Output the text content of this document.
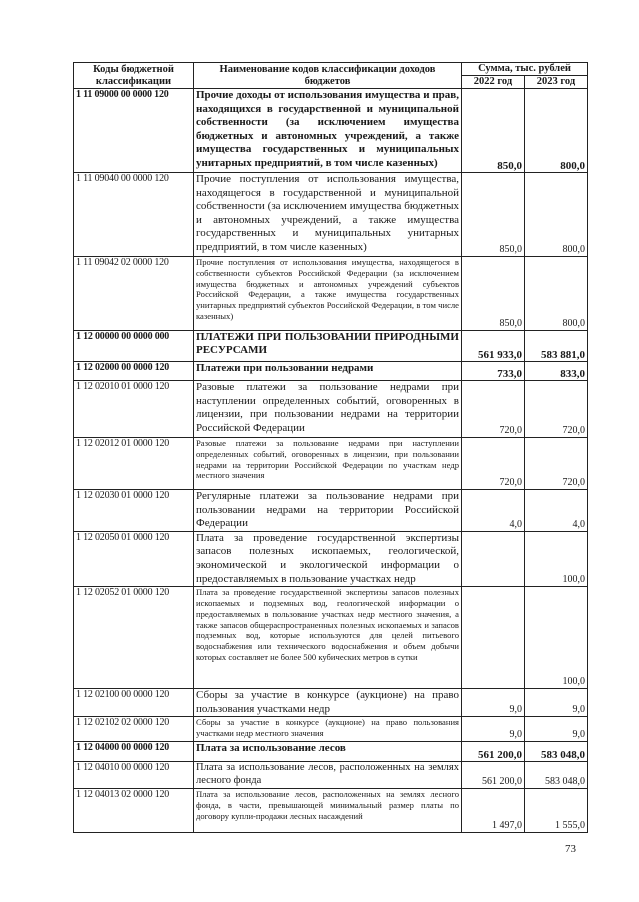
Коды бюджетной классификации	Наименование кодов классификации доходов бюджетов	Сумма, тыс. рублей	
		2022 год	2023 год
1 11 09000 00 0000 120	Прочие доходы от использования имущества и прав, находящихся в государственной и муниципальной собственности (за исключением имущества бюджетных и автономных учреждений, а также имущества государственных и муниципальных унитарных предприятий, в том числе казенных)	850,0	800,0
1 11 09040 00 0000 120	Прочие поступления от использования имущества, находящегося в государственной и муниципальной собственности (за исключением имущества бюджетных и автономных учреждений, а также имущества государственных и муниципальных унитарных предприятий, в том числе казенных)	850,0	800,0
1 11 09042 02 0000 120	Прочие поступления от использования имущества, находящегося в собственности субъектов Российской Федерации (за исключением имущества бюджетных и автономных учреждений субъектов Российской Федерации, а также имущества государственных унитарных предприятий субъектов Российской Федерации, в том числе казенных)	850,0	800,0
1 12 00000 00 0000 000	ПЛАТЕЖИ ПРИ ПОЛЬЗОВАНИИ ПРИРОДНЫМИ РЕСУРСАМИ	561 933,0	583 881,0
1 12 02000 00 0000 120	Платежи при пользовании недрами	733,0	833,0
1 12 02010 01 0000 120	Разовые платежи за пользование недрами при наступлении определенных событий, оговоренных в лицензии, при пользовании недрами на территории Российской Федерации	720,0	720,0
1 12 02012 01 0000 120	Разовые платежи за пользование недрами при наступлении определенных событий, оговоренных в лицензии, при пользовании недрами на территории Российской Федерации по участкам недр местного значения	720,0	720,0
1 12 02030 01 0000 120	Регулярные платежи за пользование недрами при пользовании недрами на территории Российской Федерации	4,0	4,0
1 12 02050 01 0000 120	Плата за проведение государственной экспертизы запасов полезных ископаемых, геологической, экономической и экологической информации о предоставляемых в пользование участках недр		100,0
1 12 02052 01 0000 120	Плата за проведение государственной экспертизы запасов полезных ископаемых и подземных вод, геологической информации о предоставляемых в пользование участках недр местного значения, а также запасов общераспространенных полезных ископаемых и запасов подземных вод, которые используются для целей питьевого водоснабжения или технического водоснабжения и объем добычи которых составляет не более 500 кубических метров в сутки		100,0
1 12 02100 00 0000 120	Сборы за участие в конкурсе (аукционе) на право пользования участками недр	9,0	9,0
1 12 02102 02 0000 120	Сборы за участие в конкурсе (аукционе) на право пользования участками недр местного значения	9,0	9,0
1 12 04000 00 0000 120	Плата за использование лесов	561 200,0	583 048,0
1 12 04010 00 0000 120	Плата за использование лесов, расположенных на землях лесного фонда	561 200,0	583 048,0
1 12 04013 02 0000 120	Плата за использование лесов, расположенных на землях лесного фонда, в части, превышающей минимальный размер платы по договору купли-продажи лесных насаждений	1 497,0	1 555,0
73
